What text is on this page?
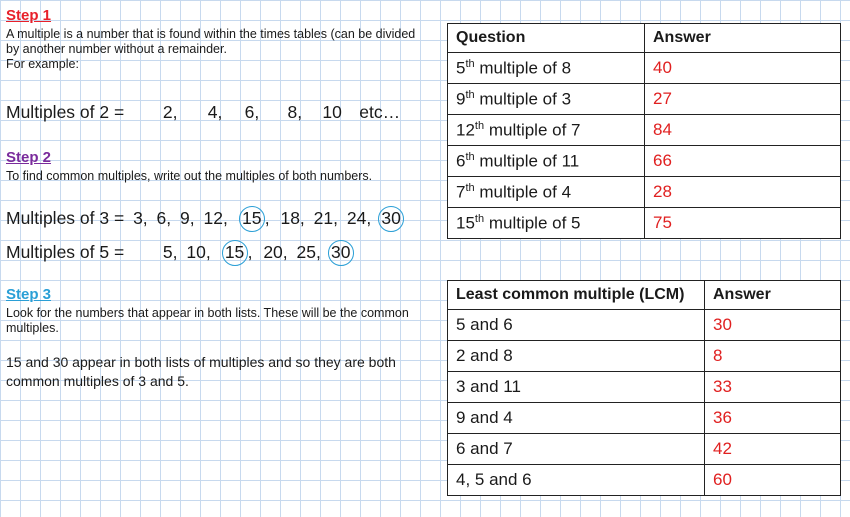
Step 1
A multiple is a number that is found within the times tables (can be divided
by another number without a remainder.
For example:
Multiples of 2 = 2, 4, 6, 8, 10 etc…
Step 2
To find common multiples, write out the multiples of both numbers.
Multiples of 3 = 3, 6, 9, 12, 15 , 18, 21, 24, 30
Multiples of 5 = 5, 10, 15 , 20, 25, 30
Step 3
Look for the numbers that appear in both lists. These will be the common
multiples.
15 and 30 appear in both lists of multiples and so they are both
common multiples of 3 and 5.
Question	Answer
5th multiple of 8	40
9th multiple of 3	27
12th multiple of 7	84
6th multiple of 11	66
7th multiple of 4	28
15th multiple of 5	75
Least common multiple (LCM)	Answer
5 and 6	30
2 and 8	8
3 and 11	33
9 and 4	36
6 and 7	42
4, 5 and 6	60
